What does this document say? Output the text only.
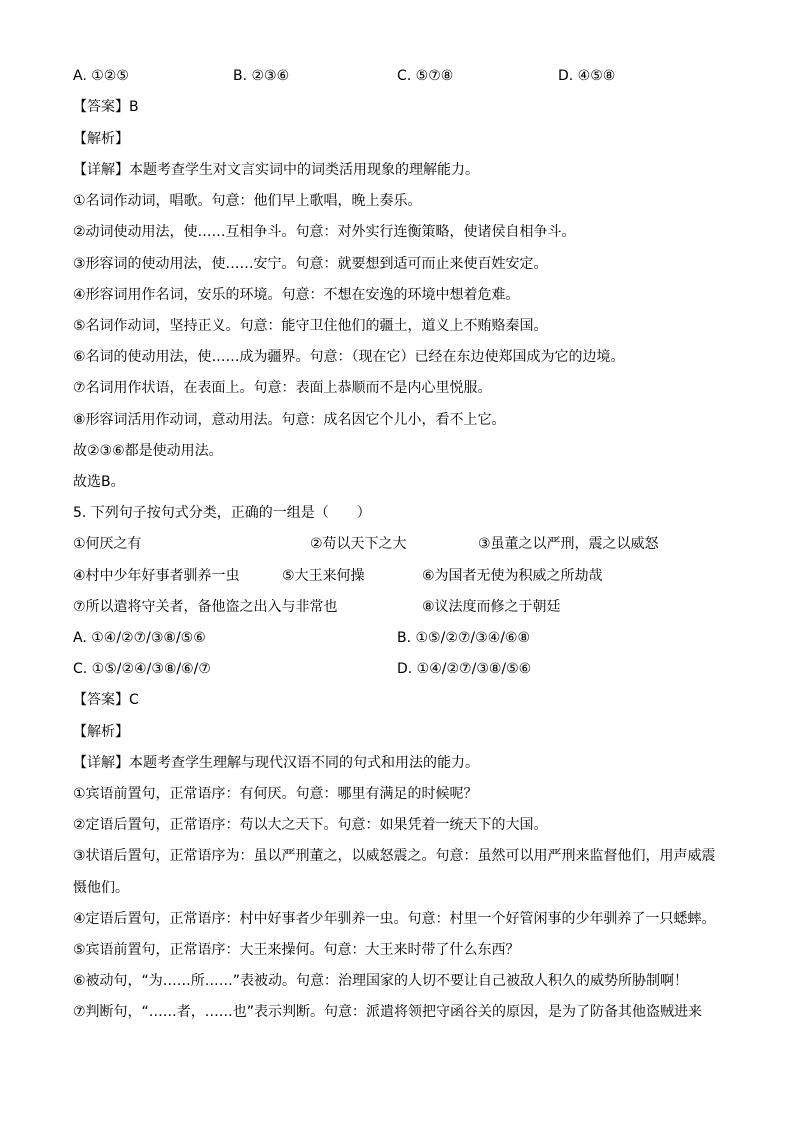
A. ①②⑤	B. ②③⑥	C. ⑤⑦⑧	D. ④⑤⑧
【答案】B
【解析】
【详解】本题考查学生对文言实词中的词类活用现象的理解能力。
①名词作动词，唱歌。句意：他们早上歌唱，晚上奏乐。
②动词使动用法，使……互相争斗。句意：对外实行连衡策略，使诸侯自相争斗。
③形容词的使动用法，使……安宁。句意：就要想到适可而止来使百姓安定。
④形容词用作名词，安乐的环境。句意：不想在安逸的环境中想着危难。
⑤名词作动词，坚持正义。句意：能守卫住他们的疆土，道义上不贿赂秦国。
⑥名词的使动用法，使……成为疆界。句意：（现在它）已经在东边使郑国成为它的边境。
⑦名词用作状语，在表面上。句意：表面上恭顺而不是内心里悦服。
⑧形容词活用作动词，意动用法。句意：成名因它个儿小，看不上它。
故②③⑥都是使动用法。
故选B。
5. 下列句子按句式分类，正确的一组是（　　）
①何厌之有	②苟以天下之大	③虽董之以严刑，震之以威怒
④村中少年好事者驯养一虫	⑤大王来何操	⑥为国者无使为积威之所劫哉
⑦所以遣将守关者，备他盗之出入与非常也	⑧议法度而修之于朝廷
A. ①④/②⑦/③⑧/⑤⑥	B. ①⑤/②⑦/③④/⑥⑧
C. ①⑤/②④/③⑧/⑥/⑦	D. ①④/②⑦/③⑧/⑤⑥
【答案】C
【解析】
【详解】本题考查学生理解与现代汉语不同的句式和用法的能力。
①宾语前置句，正常语序：有何厌。句意：哪里有满足的时候呢？
②定语后置句，正常语序：苟以大之天下。句意：如果凭着一统天下的大国。
③状语后置句，正常语序为：虽以严刑董之，以威怒震之。句意：虽然可以用严刑来监督他们，用声威震
慑他们。
④定语后置句，正常语序：村中好事者少年驯养一虫。句意：村里一个好管闲事的少年驯养了一只蟋蟀。
⑤宾语前置句，正常语序：大王来操何。句意：大王来时带了什么东西？
⑥被动句，“为……所……”表被动。句意：治理国家的人切不要让自己被敌人积久的威势所胁制啊！
⑦判断句，“……者，……也”表示判断。句意：派遣将领把守函谷关的原因，是为了防备其他盗贼进来
